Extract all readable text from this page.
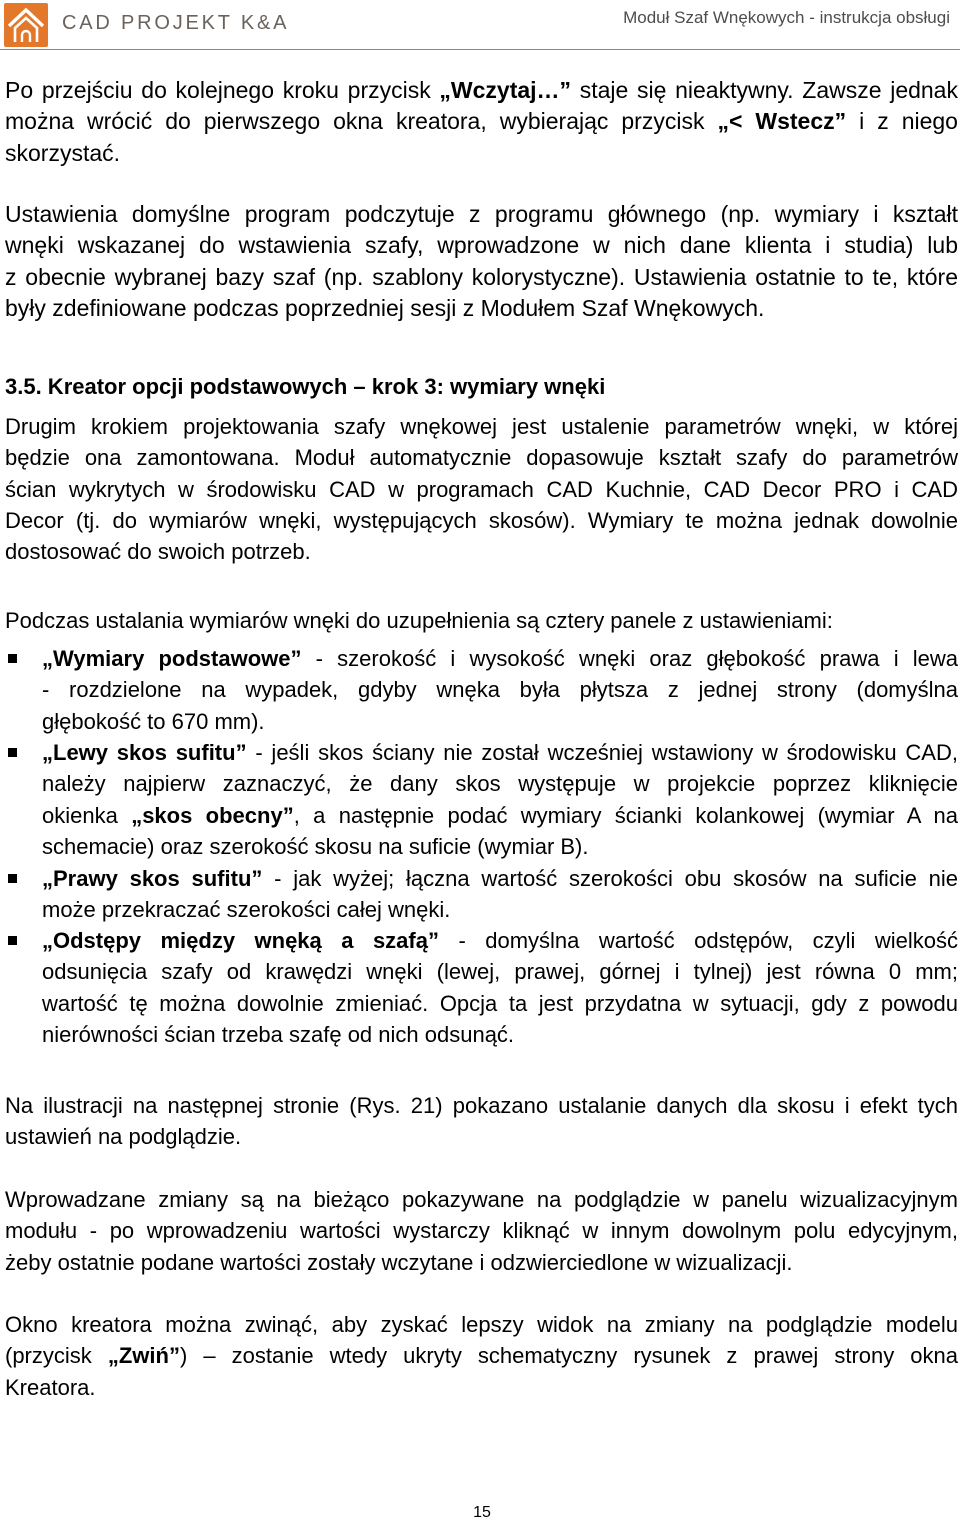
CAD PROJEKT K&A	Moduł Szaf Wnękowych - instrukcja obsługi
Po przejściu do kolejnego kroku przycisk „Wczytaj…” staje się nieaktywny. Zawsze jednak
można wrócić do pierwszego okna kreatora, wybierając przycisk „< Wstecz” i z niego
skorzystać.
Ustawienia domyślne program podczytuje z programu głównego (np. wymiary i kształt
wnęki wskazanej do wstawienia szafy, wprowadzone w nich dane klienta i studia) lub
z obecnie wybranej bazy szaf (np. szablony kolorystyczne). Ustawienia ostatnie to te, które
były zdefiniowane podczas poprzedniej sesji z Modułem Szaf Wnękowych.
3.5. Kreator opcji podstawowych – krok 3: wymiary wnęki
Drugim krokiem projektowania szafy wnękowej jest ustalenie parametrów wnęki, w której
będzie ona zamontowana. Moduł automatycznie dopasowuje kształt szafy do parametrów
ścian wykrytych w środowisku CAD w programach CAD Kuchnie, CAD Decor PRO i CAD
Decor (tj. do wymiarów wnęki, występujących skosów). Wymiary te można jednak dowolnie
dostosować do swoich potrzeb.
Podczas ustalania wymiarów wnęki do uzupełnienia są cztery panele z ustawieniami:
„Wymiary podstawowe” - szerokość i wysokość wnęki oraz głębokość prawa i lewa
- rozdzielone na wypadek, gdyby wnęka była płytsza z jednej strony (domyślna
głębokość to 670 mm).
„Lewy skos sufitu” - jeśli skos ściany nie został wcześniej wstawiony w środowisku CAD,
należy najpierw zaznaczyć, że dany skos występuje w projekcie poprzez kliknięcie
okienka „skos obecny”, a następnie podać wymiary ścianki kolankowej (wymiar A na
schemacie) oraz szerokość skosu na suficie (wymiar B).
„Prawy skos sufitu” - jak wyżej; łączna wartość szerokości obu skosów na suficie nie
może przekraczać szerokości całej wnęki.
„Odstępy między wnęką a szafą” - domyślna wartość odstępów, czyli wielkość
odsunięcia szafy od krawędzi wnęki (lewej, prawej, górnej i tylnej) jest równa 0 mm;
wartość tę można dowolnie zmieniać. Opcja ta jest przydatna w sytuacji, gdy z powodu
nierówności ścian trzeba szafę od nich odsunąć.
Na ilustracji na następnej stronie (Rys. 21) pokazano ustalanie danych dla skosu i efekt tych
ustawień na podglądzie.
Wprowadzane zmiany są na bieżąco pokazywane na podglądzie w panelu wizualizacyjnym
modułu - po wprowadzeniu wartości wystarczy kliknąć w innym dowolnym polu edycyjnym,
żeby ostatnie podane wartości zostały wczytane i odzwierciedlone w wizualizacji.
Okno kreatora można zwinąć, aby zyskać lepszy widok na zmiany na podglądzie modelu
(przycisk „Zwiń”) – zostanie wtedy ukryty schematyczny rysunek z prawej strony okna
Kreatora.
15
